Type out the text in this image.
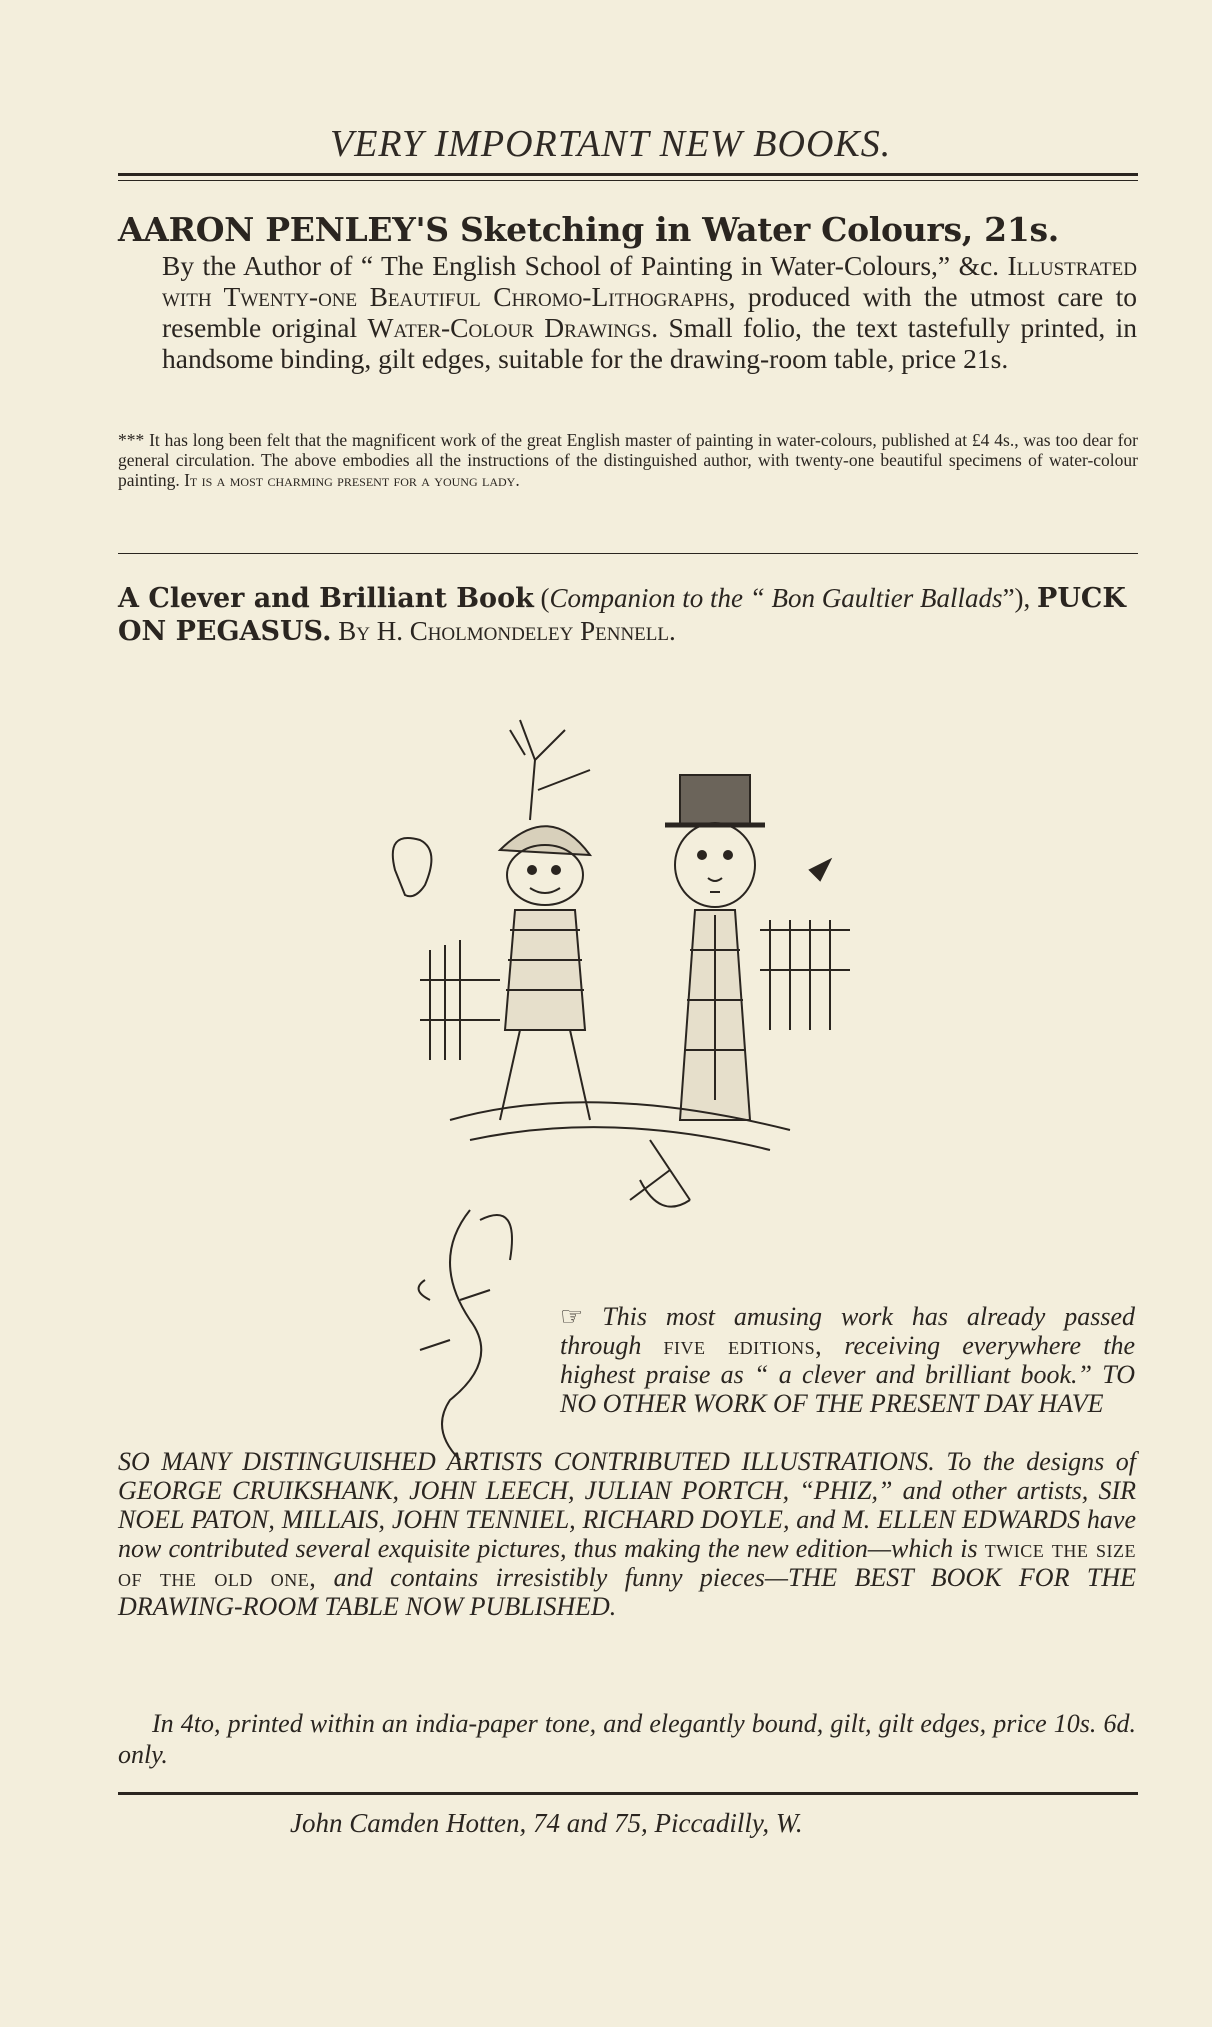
VERY IMPORTANT NEW BOOKS.
AARON PENLEY'S Sketching in Water Colours, 21s.
By the Author of “ The English School of Painting in Water-Colours,” &c. Illustrated with Twenty-one Beautiful Chromo-Lithographs, produced with the utmost care to resemble original Water-Colour Drawings. Small folio, the text tastefully printed, in handsome binding, gilt edges, suitable for the drawing-room table, price 21s.
*** It has long been felt that the magnificent work of the great English master of painting in water-colours, published at £4 4s., was too dear for general circulation. The above embodies all the instructions of the distinguished author, with twenty-one beautiful specimens of water-colour painting. It is a most charming present for a young lady.
A Clever and Brilliant Book (Companion to the “ Bon Gaultier Ballads”), PUCK ON PEGASUS. By H. Cholmondeley Pennell.
☞ This most amusing work has already passed through five editions, receiving everywhere the highest praise as “ a clever and brilliant book.” TO NO OTHER WORK OF THE PRESENT DAY HAVE
SO MANY DISTINGUISHED ARTISTS CONTRIBUTED ILLUSTRATIONS. To the designs of GEORGE CRUIKSHANK, JOHN LEECH, JULIAN PORTCH, “PHIZ,” and other artists, SIR NOEL PATON, MILLAIS, JOHN TENNIEL, RICHARD DOYLE, and M. ELLEN EDWARDS have now contributed several exquisite pictures, thus making the new edition—which is twice the size of the old one, and contains irresistibly funny pieces—THE BEST BOOK FOR THE DRAWING-ROOM TABLE NOW PUBLISHED.
In 4to, printed within an india-paper tone, and elegantly bound, gilt, gilt edges, price 10s. 6d. only.
John Camden Hotten, 74 and 75, Piccadilly, W.
